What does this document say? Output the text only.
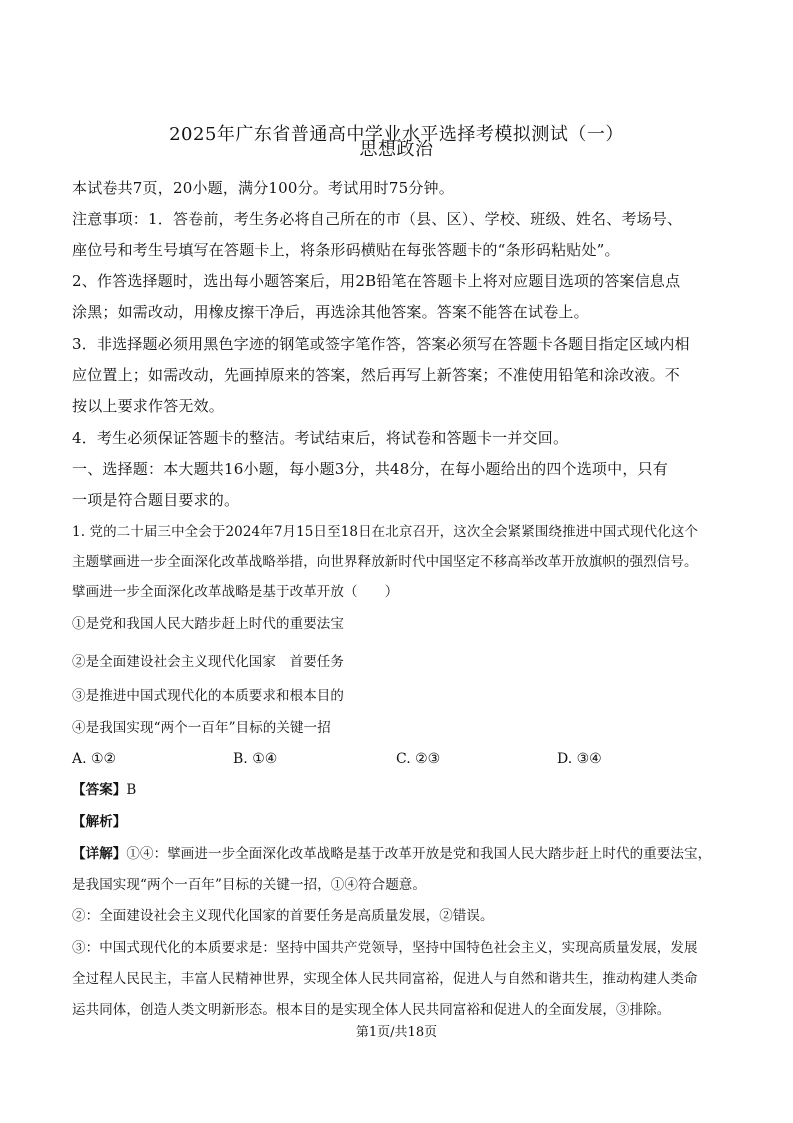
2025年广东省普通高中学业水平选择考模拟测试（一）
思想政治
本试卷共7页，20小题，满分100分。考试用时75分钟。
注意事项：1．答卷前，考生务必将自己所在的市（县、区）、学校、班级、姓名、考场号、
座位号和考生号填写在答题卡上，将条形码横贴在每张答题卡的“条形码粘贴处”。
2、作答选择题时，选出每小题答案后，用2B铅笔在答题卡上将对应题目选项的答案信息点
涂黑；如需改动，用橡皮擦干净后，再选涂其他答案。答案不能答在试卷上。
3．非选择题必须用黑色字迹的钢笔或签字笔作答，答案必须写在答题卡各题目指定区域内相
应位置上；如需改动，先画掉原来的答案，然后再写上新答案；不准使用铅笔和涂改液。不
按以上要求作答无效。
4．考生必须保证答题卡的整洁。考试结束后，将试卷和答题卡一并交回。
一、选择题：本大题共16小题，每小题3分，共48分，在每小题给出的四个选项中，只有
一项是符合题目要求的。
1. 党的二十届三中全会于2024年7月15日至18日在北京召开，这次全会紧紧围绕推进中国式现代化这个
主题擘画进一步全面深化改革战略举措，向世界释放新时代中国坚定不移高举改革开放旗帜的强烈信号。
擘画进一步全面深化改革战略是基于改革开放（　　）
①是党和我国人民大踏步赶上时代的重要法宝
②是全面建设社会主义现代化国家　首要任务
③是推进中国式现代化的本质要求和根本目的
④是我国实现“两个一百年”目标的关键一招
A. ①②	B. ①④	C. ②③	D. ③④
【答案】B
【解析】
【详解】①④：擘画进一步全面深化改革战略是基于改革开放是党和我国人民大踏步赶上时代的重要法宝，
是我国实现“两个一百年”目标的关键一招，①④符合题意。
②：全面建设社会主义现代化国家的首要任务是高质量发展，②错误。
③：中国式现代化的本质要求是：坚持中国共产党领导，坚持中国特色社会主义，实现高质量发展，发展
全过程人民民主，丰富人民精神世界，实现全体人民共同富裕，促进人与自然和谐共生，推动构建人类命
运共同体，创造人类文明新形态。根本目的是实现全体人民共同富裕和促进人的全面发展，③排除。
第1页/共18页
